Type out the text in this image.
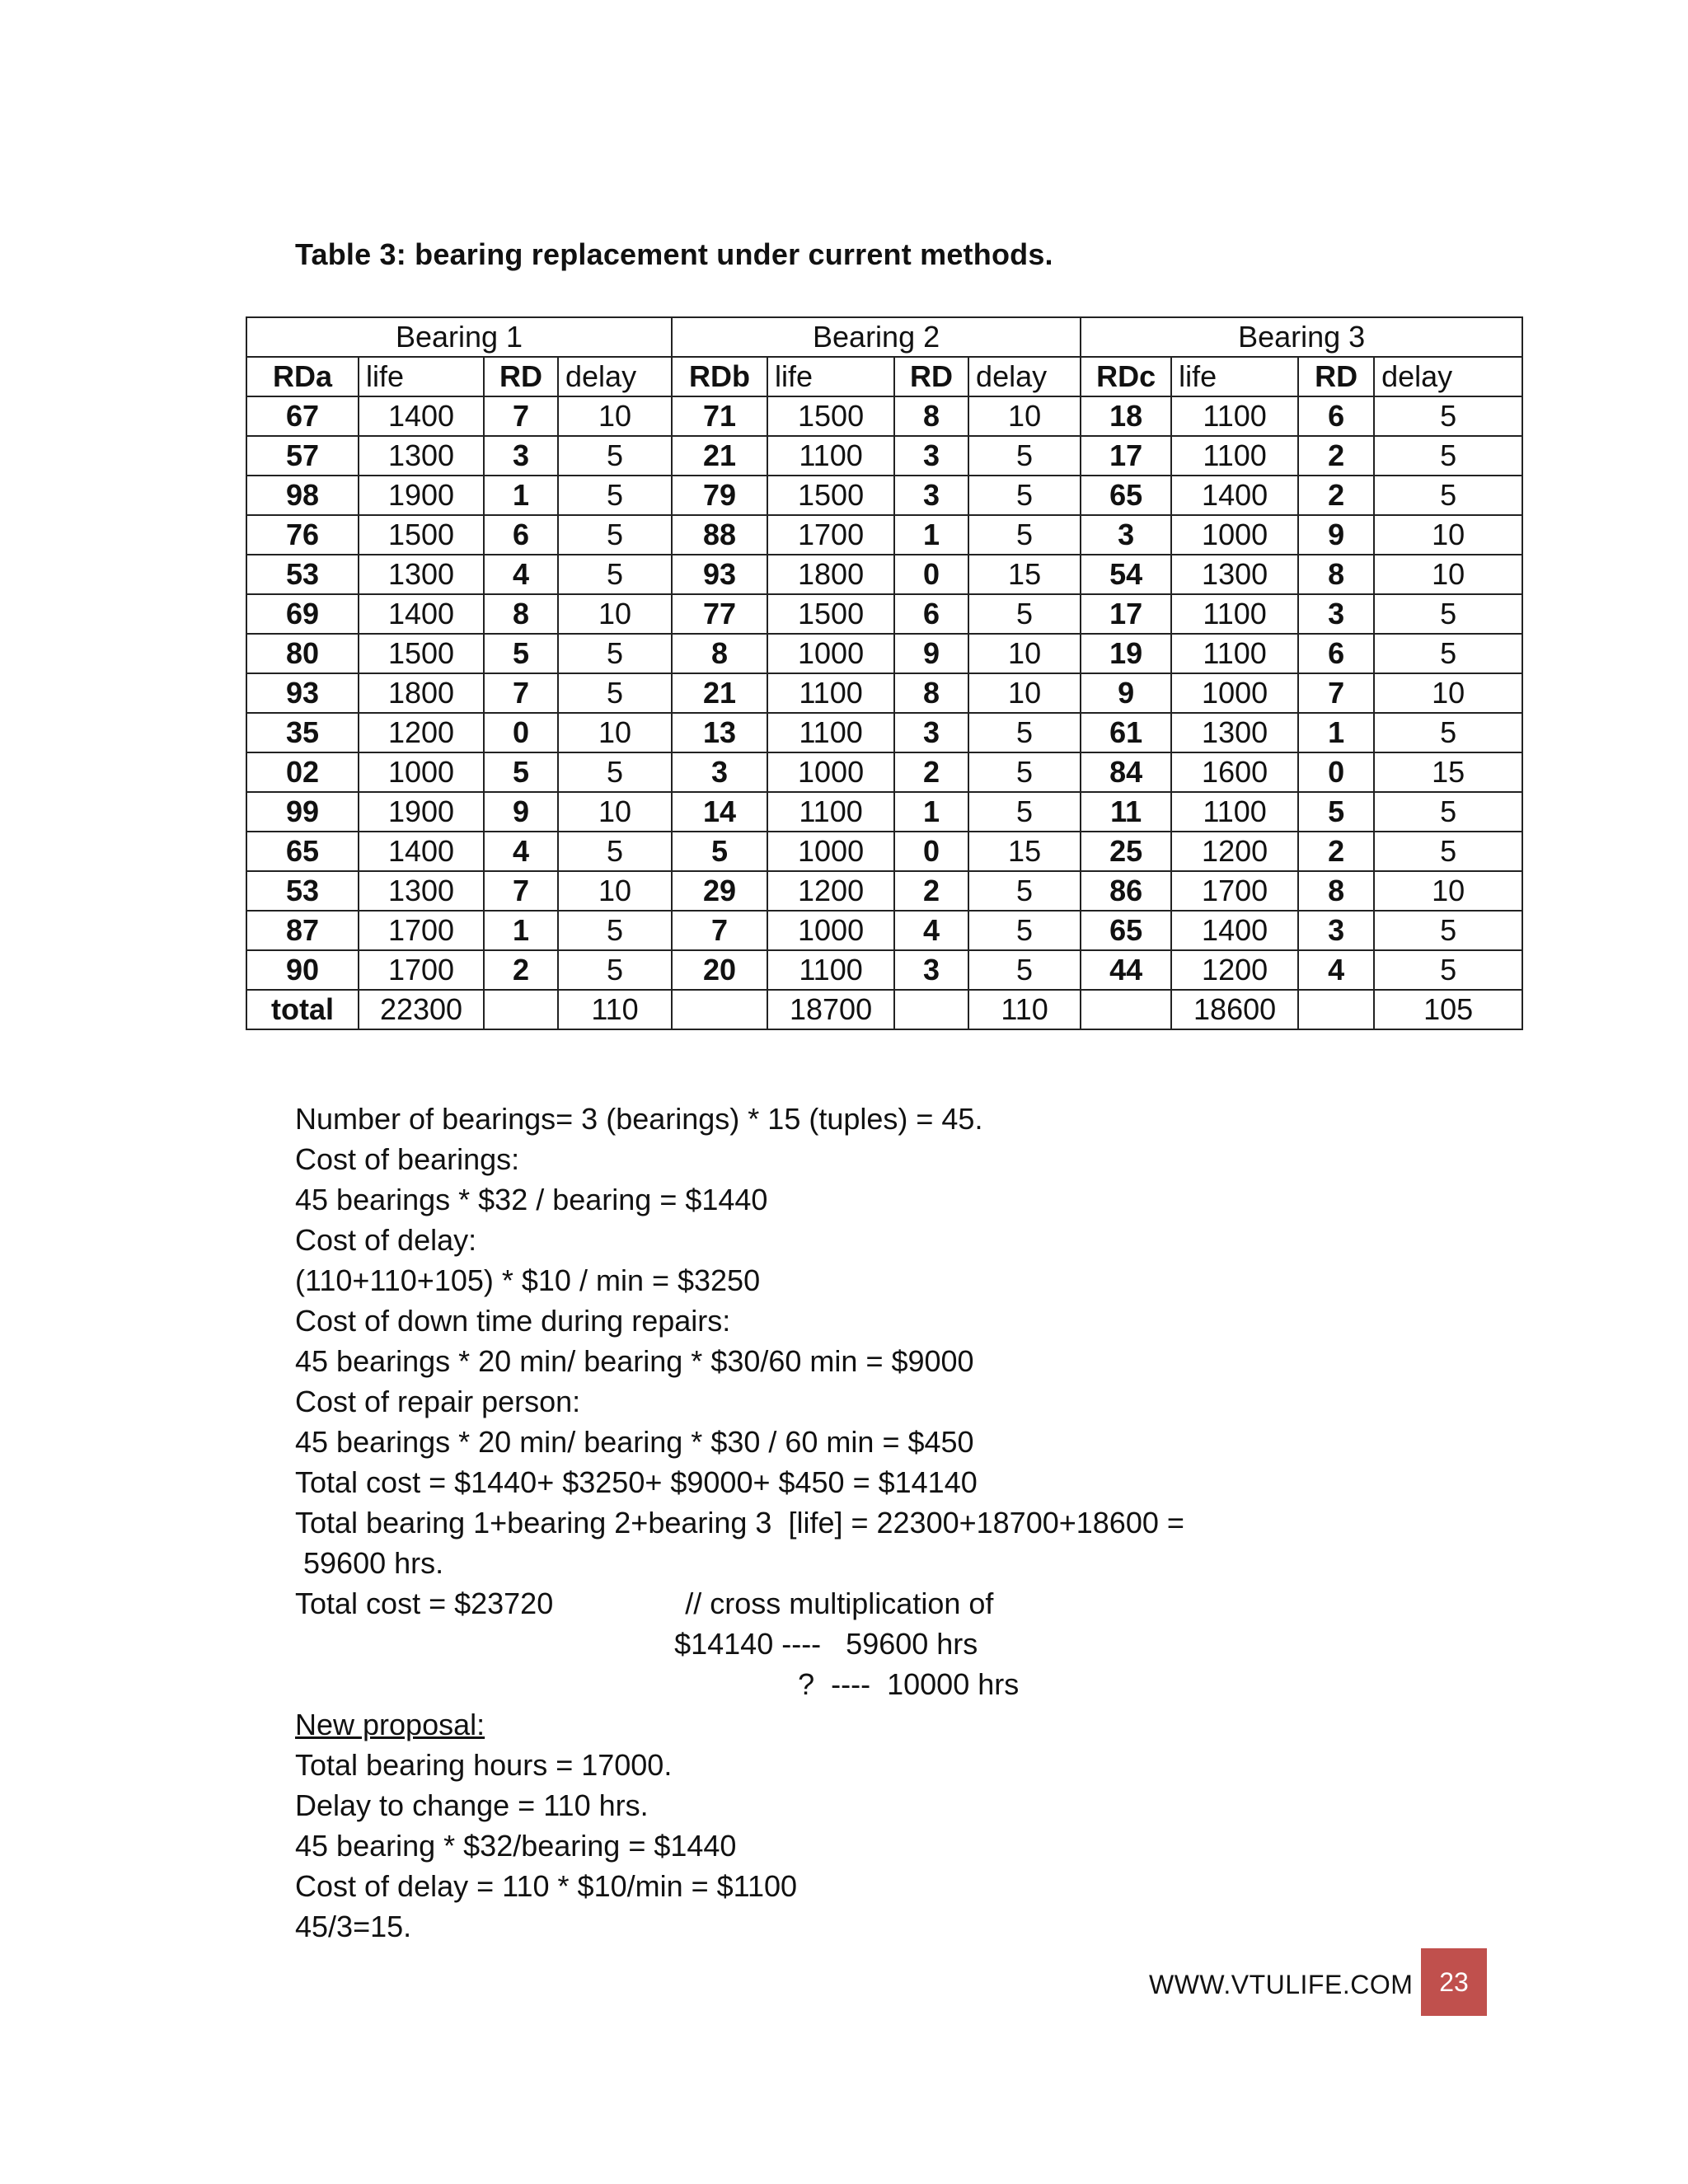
Table 3: bearing replacement under current methods.
Bearing 1				Bearing 2				Bearing 3			
RDa	life	RD	delay	RDb	life	RD	delay	RDc	life	RD	delay
67	1400	7	10	71	1500	8	10	18	1100	6	5
57	1300	3	5	21	1100	3	5	17	1100	2	5
98	1900	1	5	79	1500	3	5	65	1400	2	5
76	1500	6	5	88	1700	1	5	3	1000	9	10
53	1300	4	5	93	1800	0	15	54	1300	8	10
69	1400	8	10	77	1500	6	5	17	1100	3	5
80	1500	5	5	8	1000	9	10	19	1100	6	5
93	1800	7	5	21	1100	8	10	9	1000	7	10
35	1200	0	10	13	1100	3	5	61	1300	1	5
02	1000	5	5	3	1000	2	5	84	1600	0	15
99	1900	9	10	14	1100	1	5	11	1100	5	5
65	1400	4	5	5	1000	0	15	25	1200	2	5
53	1300	7	10	29	1200	2	5	86	1700	8	10
87	1700	1	5	7	1000	4	5	65	1400	3	5
90	1700	2	5	20	1100	3	5	44	1200	4	5
total	22300		110		18700		110		18600		105
Number of bearings= 3 (bearings) * 15 (tuples) = 45.
Cost of bearings:
45 bearings * $32 / bearing = $1440
Cost of delay:
(110+110+105) * $10 / min = $3250
Cost of down time during repairs:
45 bearings * 20 min/ bearing * $30/60 min = $9000
Cost of repair person:
45 bearings * 20 min/ bearing * $30 / 60 min = $450
Total cost = $1440+ $3250+ $9000+ $450 = $14140
Total bearing 1+bearing 2+bearing 3  [life] = 22300+18700+18600 =
59600 hrs.
Total cost = $23720                // cross multiplication of
$14140 ----   59600 hrs
?  ----  10000 hrs
New proposal:
Total bearing hours = 17000.
Delay to change = 110 hrs.
45 bearing * $32/bearing = $1440
Cost of delay = 110 * $10/min = $1100
45/3=15.
WWW.VTULIFE.COM 23
